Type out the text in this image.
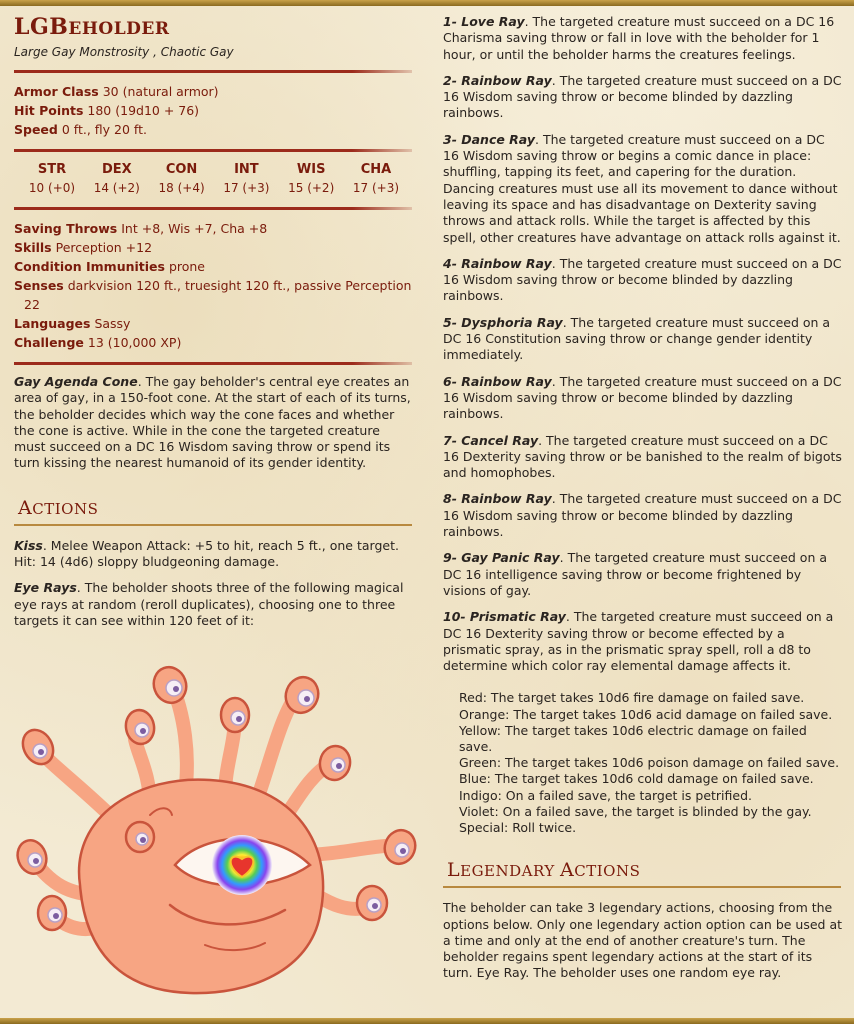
LGBEHOLDER
Large Gay Monstrosity , Chaotic Gay
Armor Class 30 (natural armor)
Hit Points 180 (19d10 + 76)
Speed 0 ft., fly 20 ft.
STR
10 (+0)
DEX
14 (+2)
CON
18 (+4)
INT
17 (+3)
WIS
15 (+2)
CHA
17 (+3)
Saving Throws Int +8, Wis +7, Cha +8
Skills Perception +12
Condition Immunities prone
Senses darkvision 120 ft., truesight 120 ft., passive Perception
22
Languages Sassy
Challenge 13 (10,000 XP)
Gay Agenda Cone. The gay beholder's central eye creates an area of gay, in a 150-foot cone. At the start of each of its turns, the beholder decides which way the cone faces and whether the cone is active. While in the cone the targeted creature must succeed on a DC 16 Wisdom saving throw or spend its turn kissing the nearest humanoid of its gender identity.
ACTIONS
Kiss. Melee Weapon Attack: +5 to hit, reach 5 ft., one target. Hit: 14 (4d6) sloppy bludgeoning damage.
Eye Rays. The beholder shoots three of the following magical eye rays at random (reroll duplicates), choosing one to three targets it can see within 120 feet of it:
1- Love Ray. The targeted creature must succeed on a DC 16 Charisma saving throw or fall in love with the beholder for 1 hour, or until the beholder harms the creatures feelings.
2- Rainbow Ray. The targeted creature must succeed on a DC 16 Wisdom saving throw or become blinded by dazzling rainbows.
3- Dance Ray. The targeted creature must succeed on a DC 16 Wisdom saving throw or begins a comic dance in place: shuffling, tapping its feet, and capering for the duration. Dancing creatures must use all its movement to dance without leaving its space and has disadvantage on Dexterity saving throws and attack rolls. While the target is affected by this spell, other creatures have advantage on attack rolls against it.
4- Rainbow Ray. The targeted creature must succeed on a DC 16 Wisdom saving throw or become blinded by dazzling rainbows.
5- Dysphoria Ray. The targeted creature must succeed on a DC 16 Constitution saving throw or change gender identity immediately.
6- Rainbow Ray. The targeted creature must succeed on a DC 16 Wisdom saving throw or become blinded by dazzling rainbows.
7- Cancel Ray. The targeted creature must succeed on a DC 16 Dexterity saving throw or be banished to the realm of bigots and homophobes.
8- Rainbow Ray. The targeted creature must succeed on a DC 16 Wisdom saving throw or become blinded by dazzling rainbows.
9- Gay Panic Ray. The targeted creature must succeed on a DC 16 intelligence saving throw or become frightened by visions of gay.
10- Prismatic Ray. The targeted creature must succeed on a DC 16 Dexterity saving throw or become effected by a prismatic spray, as in the prismatic spray spell, roll a d8 to determine which color ray elemental damage affects it.
Red: The target takes 10d6 fire damage on failed save.
Orange: The target takes 10d6 acid damage on failed save.
Yellow: The target takes 10d6 electric damage on failed
save.
Green: The target takes 10d6 poison damage on failed save.
Blue: The target takes 10d6 cold damage on failed save.
Indigo: On a failed save, the target is petrified.
Violet: On a failed save, the target is blinded by the gay.
Special: Roll twice.
LEGENDARY ACTIONS
The beholder can take 3 legendary actions, choosing from the options below. Only one legendary action option can be used at a time and only at the end of another creature's turn. The beholder regains spent legendary actions at the start of its turn. Eye Ray. The beholder uses one random eye ray.
